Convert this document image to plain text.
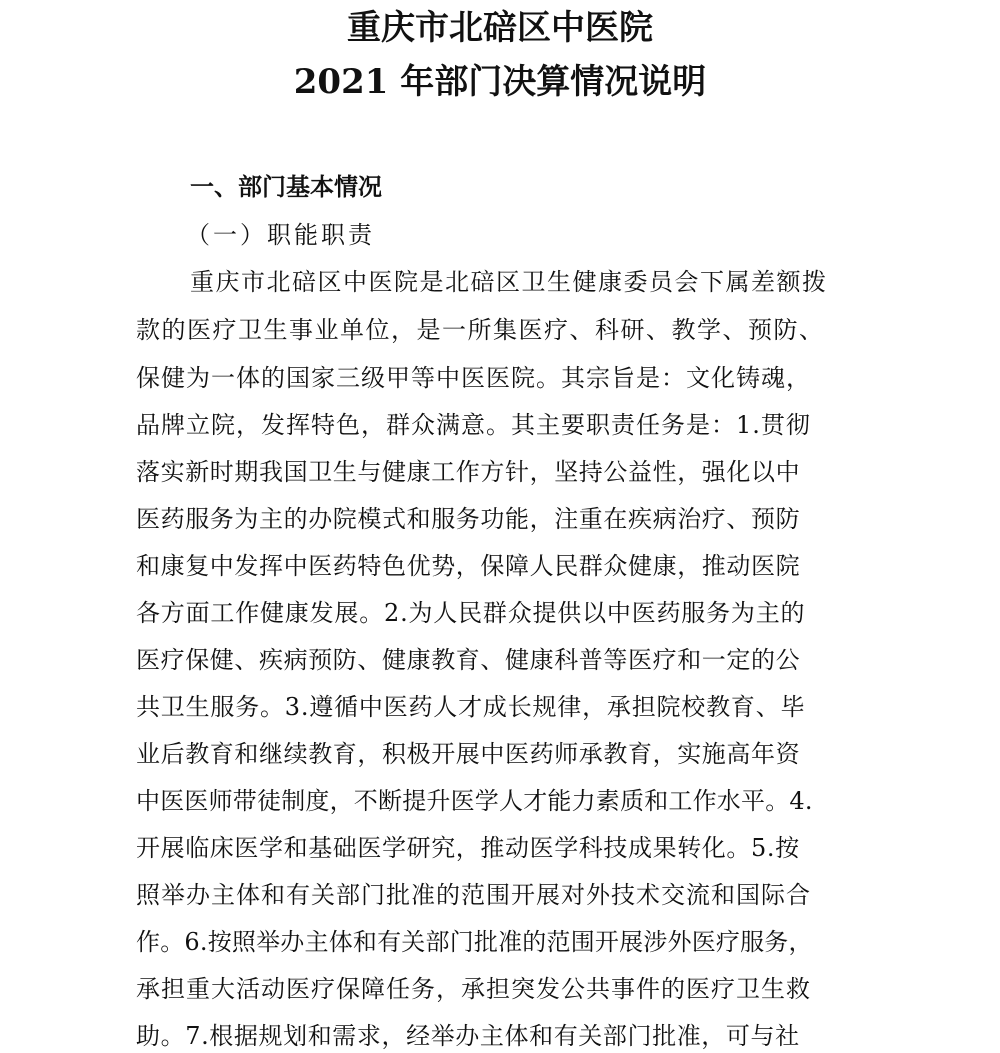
重庆市北碚区中医院
2021 年部门决算情况说明
一、部门基本情况
（一）职能职责
重庆市北碚区中医院是北碚区卫生健康委员会下属差额拨
款的医疗卫生事业单位，是一所集医疗、科研、教学、预防、
保健为一体的国家三级甲等中医医院。其宗旨是：文化铸魂，
品牌立院，发挥特色，群众满意。其主要职责任务是：1.贯彻
落实新时期我国卫生与健康工作方针，坚持公益性，强化以中
医药服务为主的办院模式和服务功能，注重在疾病治疗、预防
和康复中发挥中医药特色优势，保障人民群众健康，推动医院
各方面工作健康发展。2.为人民群众提供以中医药服务为主的
医疗保健、疾病预防、健康教育、健康科普等医疗和一定的公
共卫生服务。3.遵循中医药人才成长规律，承担院校教育、毕
业后教育和继续教育，积极开展中医药师承教育，实施高年资
中医医师带徒制度，不断提升医学人才能力素质和工作水平。4.
开展临床医学和基础医学研究，推动医学科技成果转化。5.按
照举办主体和有关部门批准的范围开展对外技术交流和国际合
作。6.按照举办主体和有关部门批准的范围开展涉外医疗服务，
承担重大活动医疗保障任务，承担突发公共事件的医疗卫生救
助。7.根据规划和需求，经举办主体和有关部门批准，可与社
